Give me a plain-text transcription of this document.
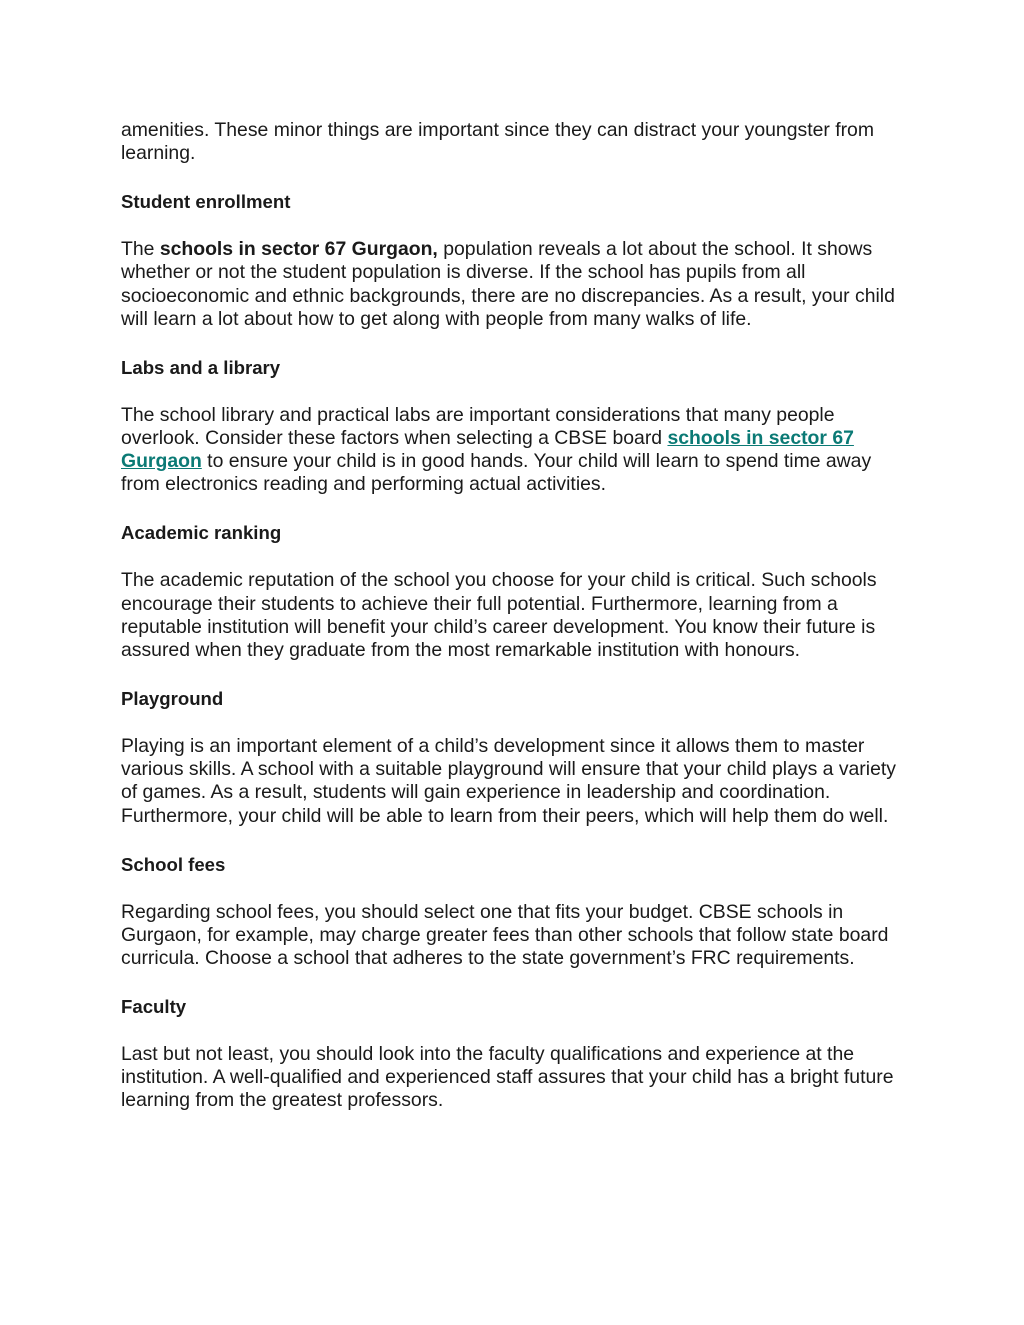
amenities. These minor things are important since they can distract your youngster from learning.

Student enrollment

The schools in sector 67 Gurgaon, population reveals a lot about the school. It shows whether or not the student population is diverse. If the school has pupils from all socioeconomic and ethnic backgrounds, there are no discrepancies. As a result, your child will learn a lot about how to get along with people from many walks of life.

Labs and a library

The school library and practical labs are important considerations that many people overlook. Consider these factors when selecting a CBSE board schools in sector 67 Gurgaon to ensure your child is in good hands. Your child will learn to spend time away from electronics reading and performing actual activities.

Academic ranking

The academic reputation of the school you choose for your child is critical. Such schools encourage their students to achieve their full potential. Furthermore, learning from a reputable institution will benefit your child’s career development. You know their future is assured when they graduate from the most remarkable institution with honours.

Playground

Playing is an important element of a child’s development since it allows them to master various skills. A school with a suitable playground will ensure that your child plays a variety of games. As a result, students will gain experience in leadership and coordination. Furthermore, your child will be able to learn from their peers, which will help them do well.

School fees

Regarding school fees, you should select one that fits your budget. CBSE schools in Gurgaon, for example, may charge greater fees than other schools that follow state board curricula. Choose a school that adheres to the state government’s FRC requirements.

Faculty

Last but not least, you should look into the faculty qualifications and experience at the institution. A well-qualified and experienced staff assures that your child has a bright future learning from the greatest professors.
